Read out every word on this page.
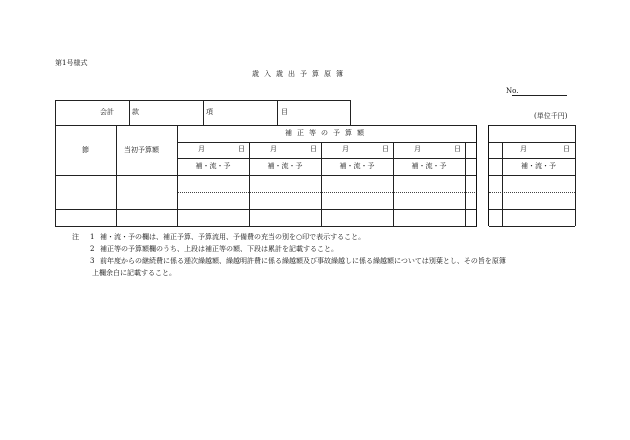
第1号様式
歳入歳出予算原簿
No.
(単位千円)
会計	款	項	目
節	当初予算額
補正等の予算額
月	日	月	日	月	日	月	日	月	日
補・流・予	補・流・予	補・流・予	補・流・予	補・流・予
注 1 補・流・予の欄は、補正予算、予算流用、予備費の充当の別を○印で表示すること。
2 補正等の予算額欄のうち、上段は補正等の額、下段は累計を記載すること。
3 前年度からの継続費に係る逓次繰越額、繰越明許費に係る繰越額及び事故繰越しに係る繰越額については別葉とし、その旨を原簿
上欄余白に記載すること。
